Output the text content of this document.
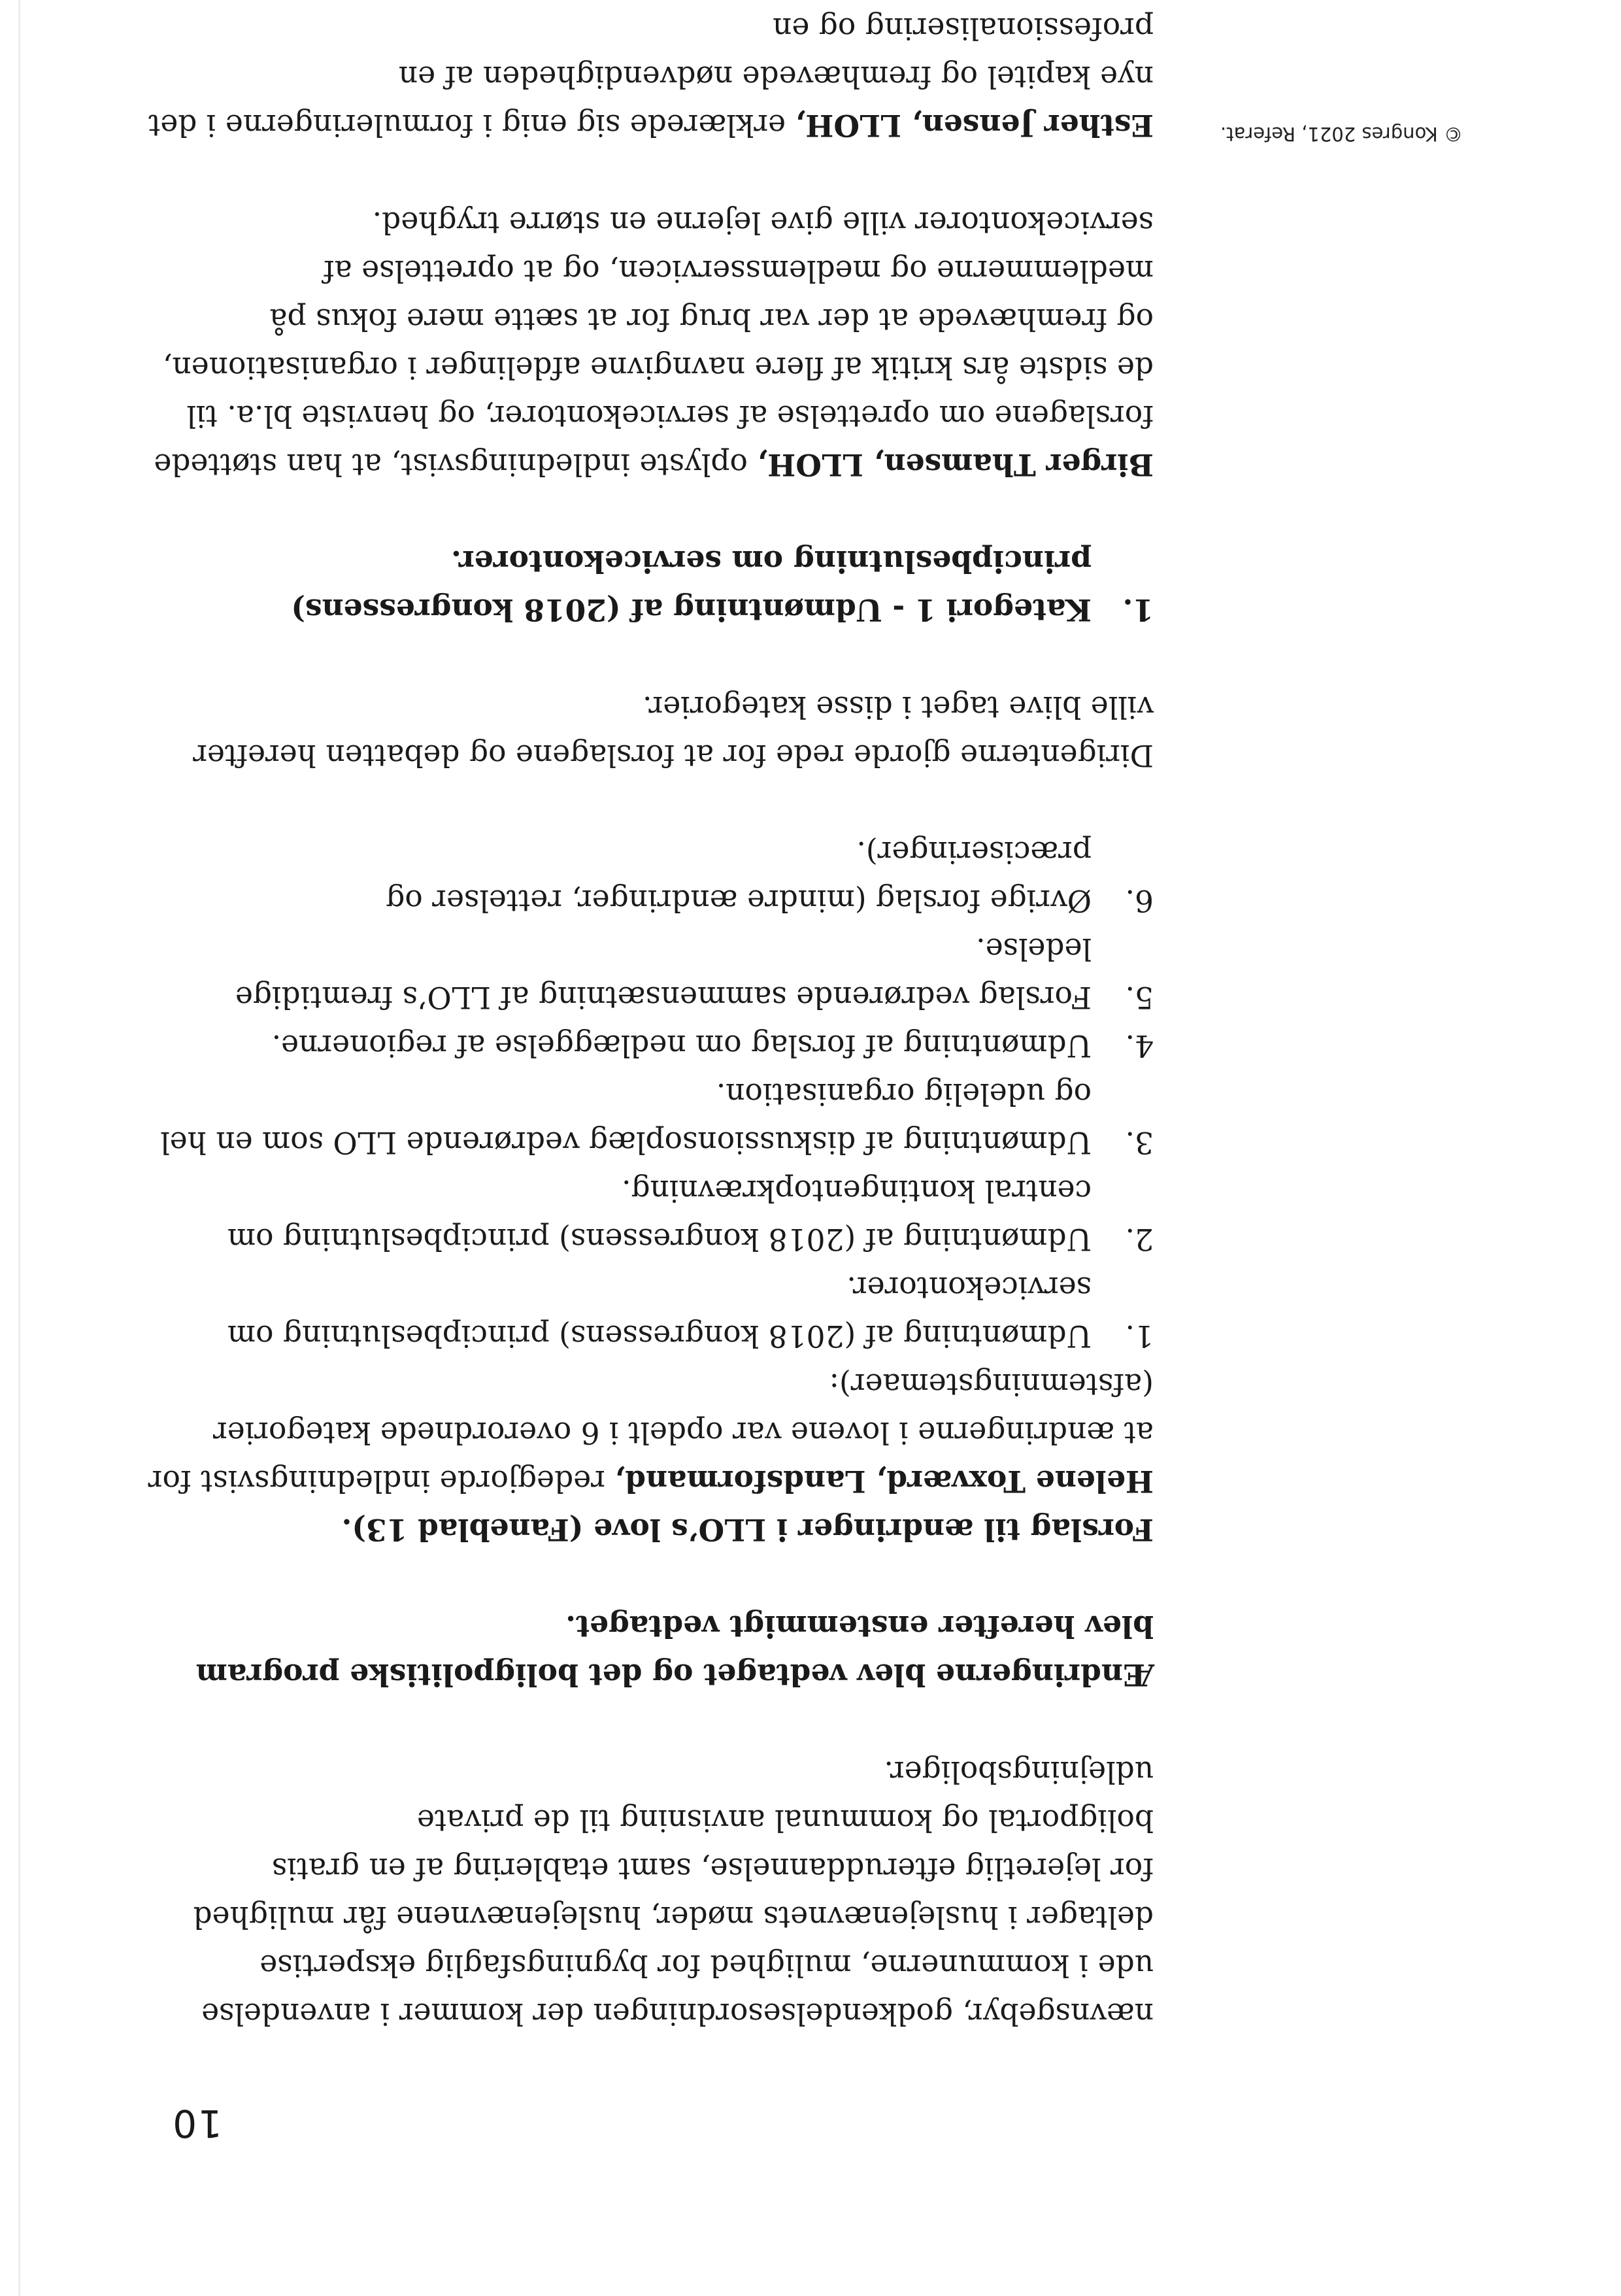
10

nævnsgebyr, godkendelsesordningen der kommer i anvendelse ude i kommunerne, mulighed for bygningsfaglig ekspertise deltager i huslejenævnets møder, huslejenævnene får mulighed for lejeretlig efteruddannelse, samt etablering af en gratis boligportal og kommunal anvisning til de private udlejningsboliger.

Ændringerne blev vedtaget og det boligpolitiske program blev herefter enstemmigt vedtaget.

Forslag til ændringer i LLO’s love (Faneblad 13).

Helene Toxværd, Landsformand, redegjorde indledningsvist for at ændringerne i lovene var opdelt i 6 overordnede kategorier (afstemningstemaer):

1.
Udmøntning af (2018 kongressens) principbeslutning om servicekontorer.
2.
Udmøntning af (2018 kongressens) principbeslutning om central kontingentopkrævning.
3.
Udmøntning af diskussionsoplæg vedrørende LLO som en hel og udelelig organisation.
4.
Udmøntning af forslag om nedlæggelse af regionerne.
5.
Forslag vedrørende sammensætning af LLO’s fremtidige ledelse.
6.
Øvrige forslag (mindre ændringer, rettelser og præciseringer).

Dirigenterne gjorde rede for at forslagene og debatten herefter ville blive taget i disse kategorier.

1.
Kategori 1 - Udmøntning af (2018 kongressens) principbeslutning om servicekontorer.

Birger Thamsen, LLOH, oplyste indledningsvist, at han støttede forslagene om oprettelse af servicekontorer, og henviste bl.a. til de sidste års kritik af flere navngivne afdelinger i organisationen, og fremhævede at der var brug for at sætte mere fokus på medlemmerne og medlemsservicen, og at oprettelse af servicekontorer ville give lejerne en større tryghed.

Esther Jensen, LLOH, erklærede sig enig i formuleringerne i det nye kapitel og fremhævede nødvendigheden af en professionalisering og en

© Kongres 2021, Referat.
